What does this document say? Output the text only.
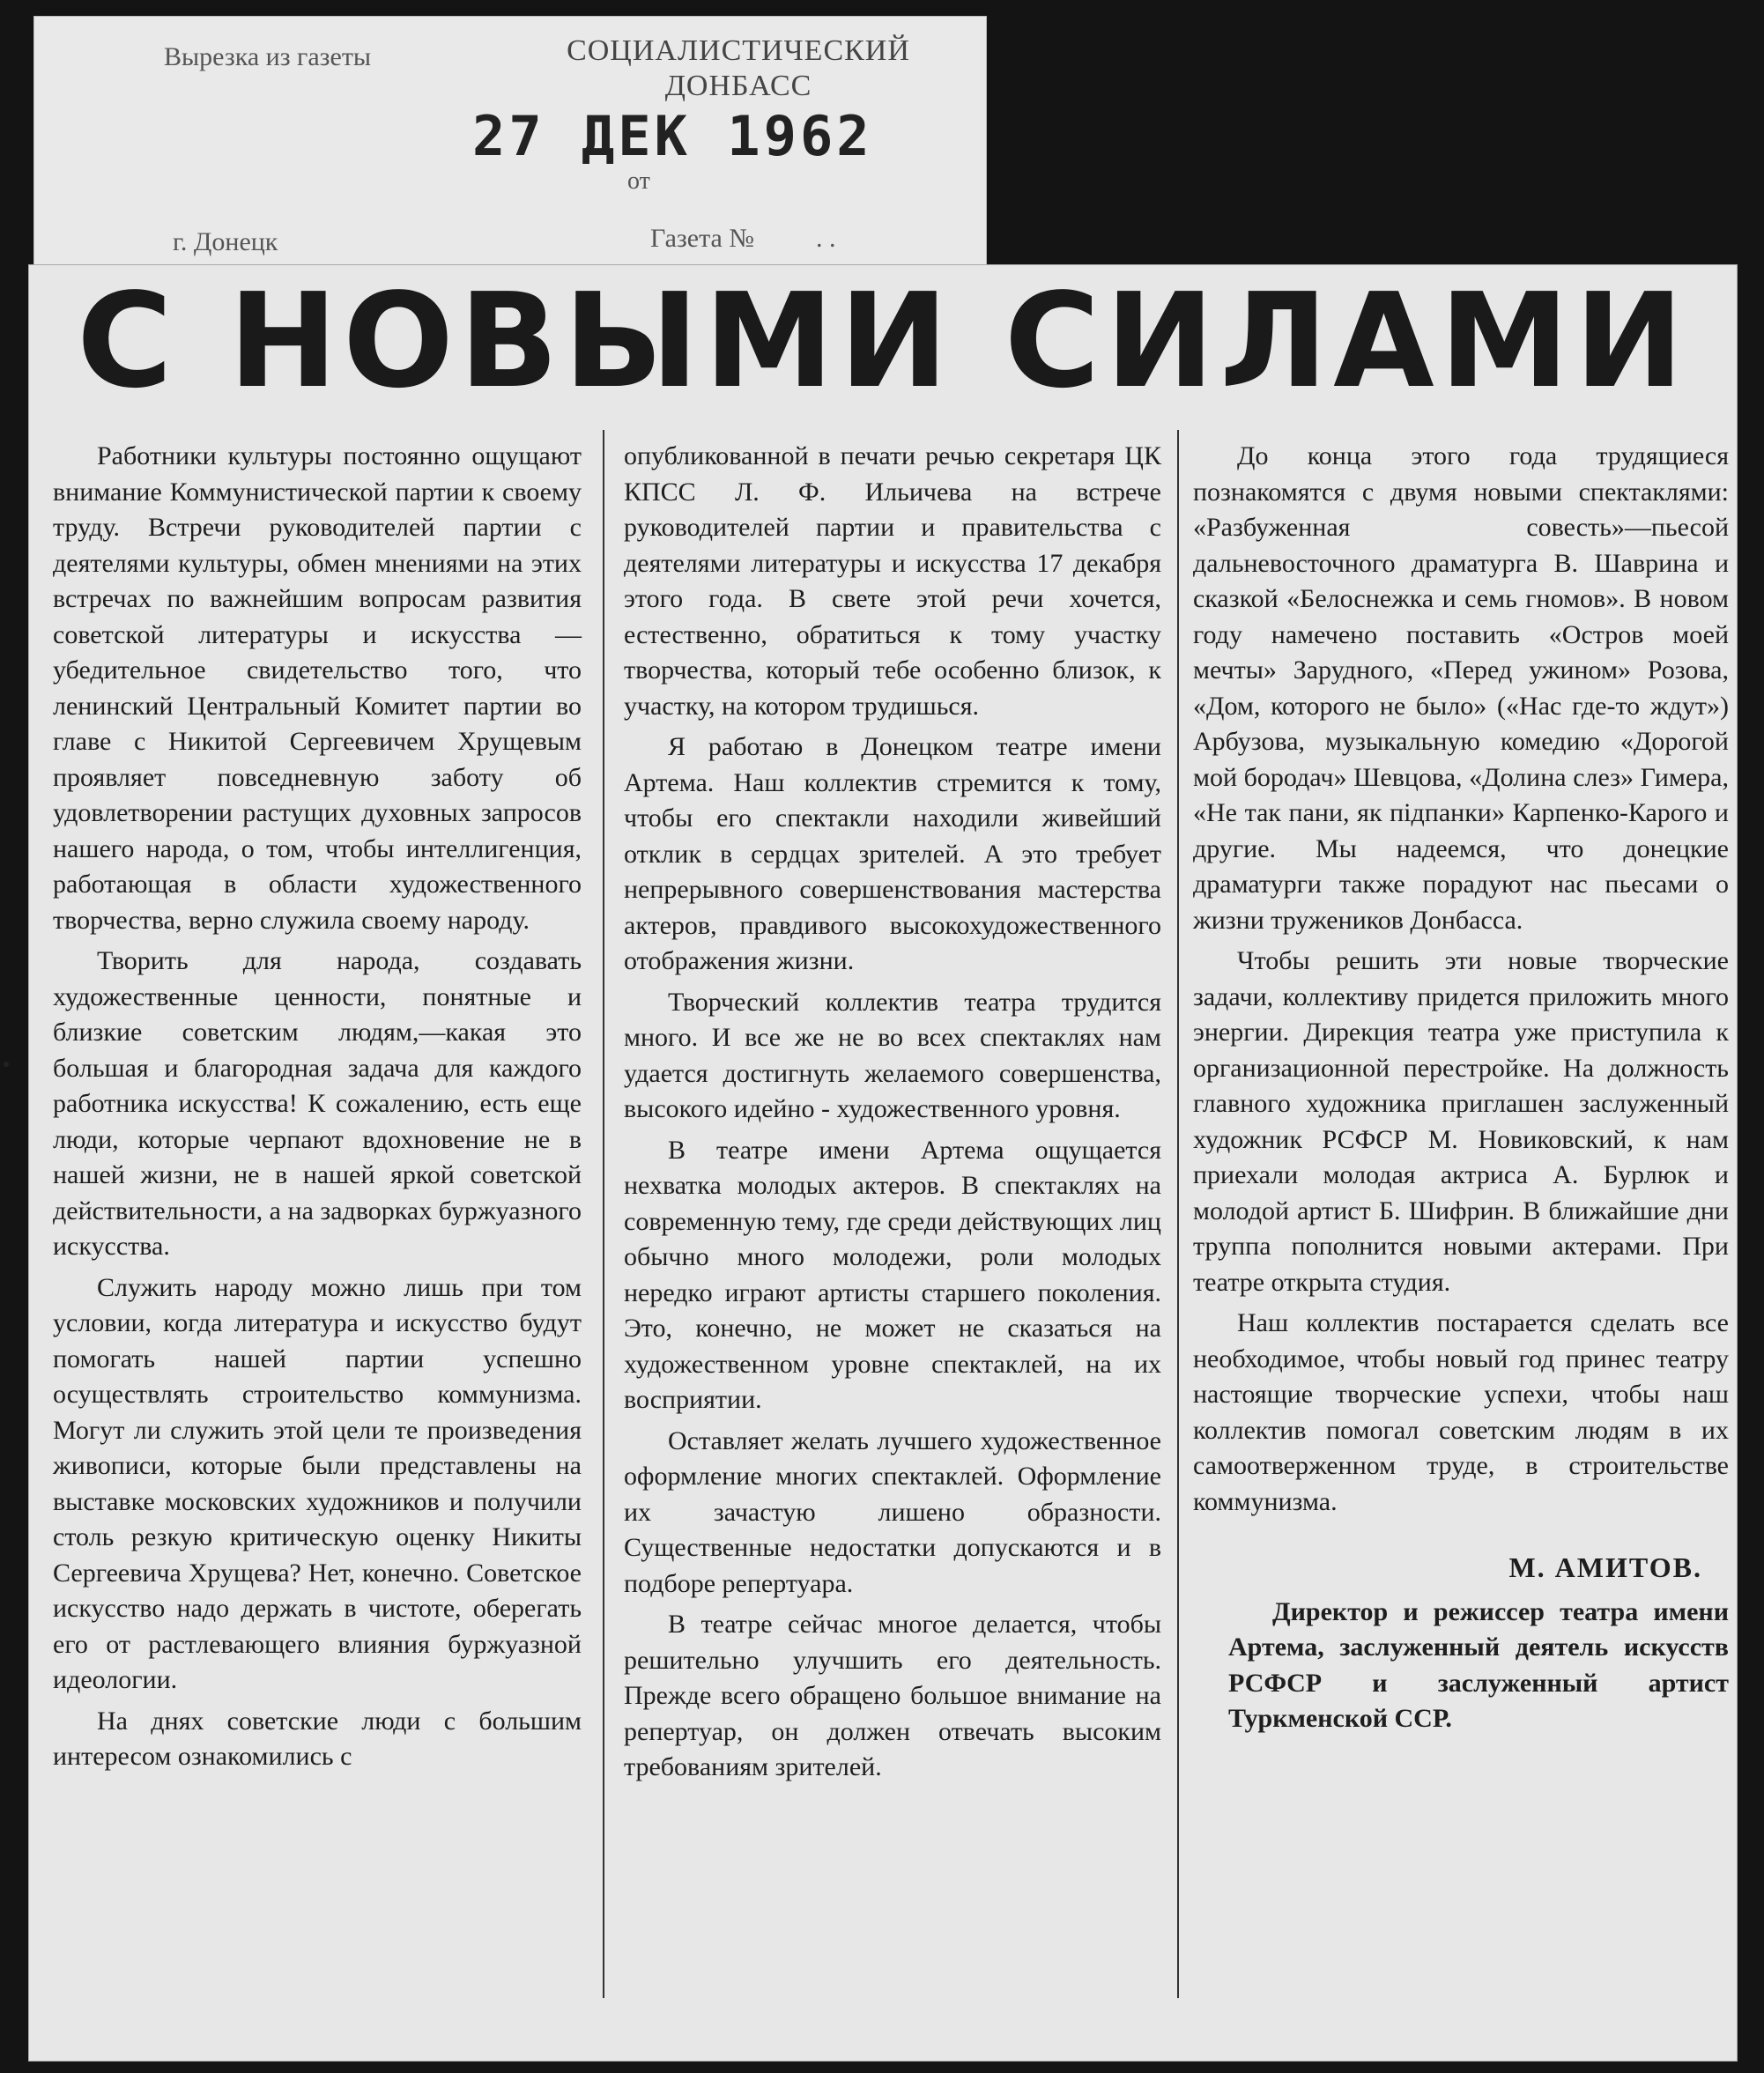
Вырезка из газеты	СОЦИАЛИСТИЧЕСКИЙ
ДОНБАСС
27 ДЕК 1962
от
г. Донецк	Газета № . .
С НОВЫМИ СИЛАМИ

Работники культуры постоянно ощущают внимание Коммунистической партии к своему труду. Встречи руководителей партии с деятелями культуры, обмен мнениями на этих встречах по важнейшим вопросам развития советской литературы и искусства — убедительное свидетельство того, что ленинский Центральный Комитет партии во главе с Никитой Сергеевичем Хрущевым проявляет повседневную заботу об удовлетворении растущих духовных запросов нашего народа, о том, чтобы интеллигенция, работающая в области художественного творчества, верно служила своему народу.

Творить для народа, создавать художественные ценности, понятные и близкие советским людям,—какая это большая и благородная задача для каждого работника искусства! К сожалению, есть еще люди, которые черпают вдохновение не в нашей жизни, не в нашей яркой советской действительности, а на задворках буржуазного искусства.

Служить народу можно лишь при том условии, когда литература и искусство будут помогать нашей партии успешно осуществлять строительство коммунизма. Могут ли служить этой цели те произведения живописи, которые были представлены на выставке московских художников и получили столь резкую критическую оценку Никиты Сергеевича Хрущева? Нет, конечно. Советское искусство надо держать в чистоте, оберегать его от растлевающего влияния буржуазной идеологии.

На днях советские люди с большим интересом ознакомились с

опубликованной в печати речью секретаря ЦК КПСС Л. Ф. Ильичева на встрече руководителей партии и правительства с деятелями литературы и искусства 17 декабря этого года. В свете этой речи хочется, естественно, обратиться к тому участку творчества, который тебе особенно близок, к участку, на котором трудишься.

Я работаю в Донецком театре имени Артема. Наш коллектив стремится к тому, чтобы его спектакли находили живейший отклик в сердцах зрителей. А это требует непрерывного совершенствования мастерства актеров, правдивого высокохудожественного отображения жизни.

Творческий коллектив театра трудится много. И все же не во всех спектаклях нам удается достигнуть желаемого совершенства, высокого идейно - художественного уровня.

В театре имени Артема ощущается нехватка молодых актеров. В спектаклях на современную тему, где среди действующих лиц обычно много молодежи, роли молодых нередко играют артисты старшего поколения. Это, конечно, не может не сказаться на художественном уровне спектаклей, на их восприятии.

Оставляет желать лучшего художественное оформление многих спектаклей. Оформление их зачастую лишено образности. Существенные недостатки допускаются и в подборе репертуара.

В театре сейчас многое делается, чтобы решительно улучшить его деятельность. Прежде всего обращено большое внимание на репертуар, он должен отвечать высоким требованиям зрителей.

До конца этого года трудящиеся познакомятся с двумя новыми спектаклями: «Разбуженная совесть»—пьесой дальневосточного драматурга В. Шаврина и сказкой «Белоснежка и семь гномов». В новом году намечено поставить «Остров моей мечты» Зарудного, «Перед ужином» Розова, «Дом, которого не было» («Нас где-то ждут») Арбузова, музыкальную комедию «Дорогой мой бородач» Шевцова, «Долина слез» Гимера, «Не так пани, як підпанки» Карпенко-Карого и другие. Мы надеемся, что донецкие драматурги также порадуют нас пьесами о жизни тружеников Донбасса.

Чтобы решить эти новые творческие задачи, коллективу придется приложить много энергии. Дирекция театра уже приступила к организационной перестройке. На должность главного художника приглашен заслуженный художник РСФСР М. Новиковский, к нам приехали молодая актриса А. Бурлюк и молодой артист Б. Шифрин. В ближайшие дни труппа пополнится новыми актерами. При театре открыта студия.

Наш коллектив постарается сделать все необходимое, чтобы новый год принес театру настоящие творческие успехи, чтобы наш коллектив помогал советским людям в их самоотверженном труде, в строительстве коммунизма.

М. АМИТОВ.

Директор и режиссер театра имени Артема, заслуженный деятель искусств РСФСР и заслуженный артист Туркменской ССР.
